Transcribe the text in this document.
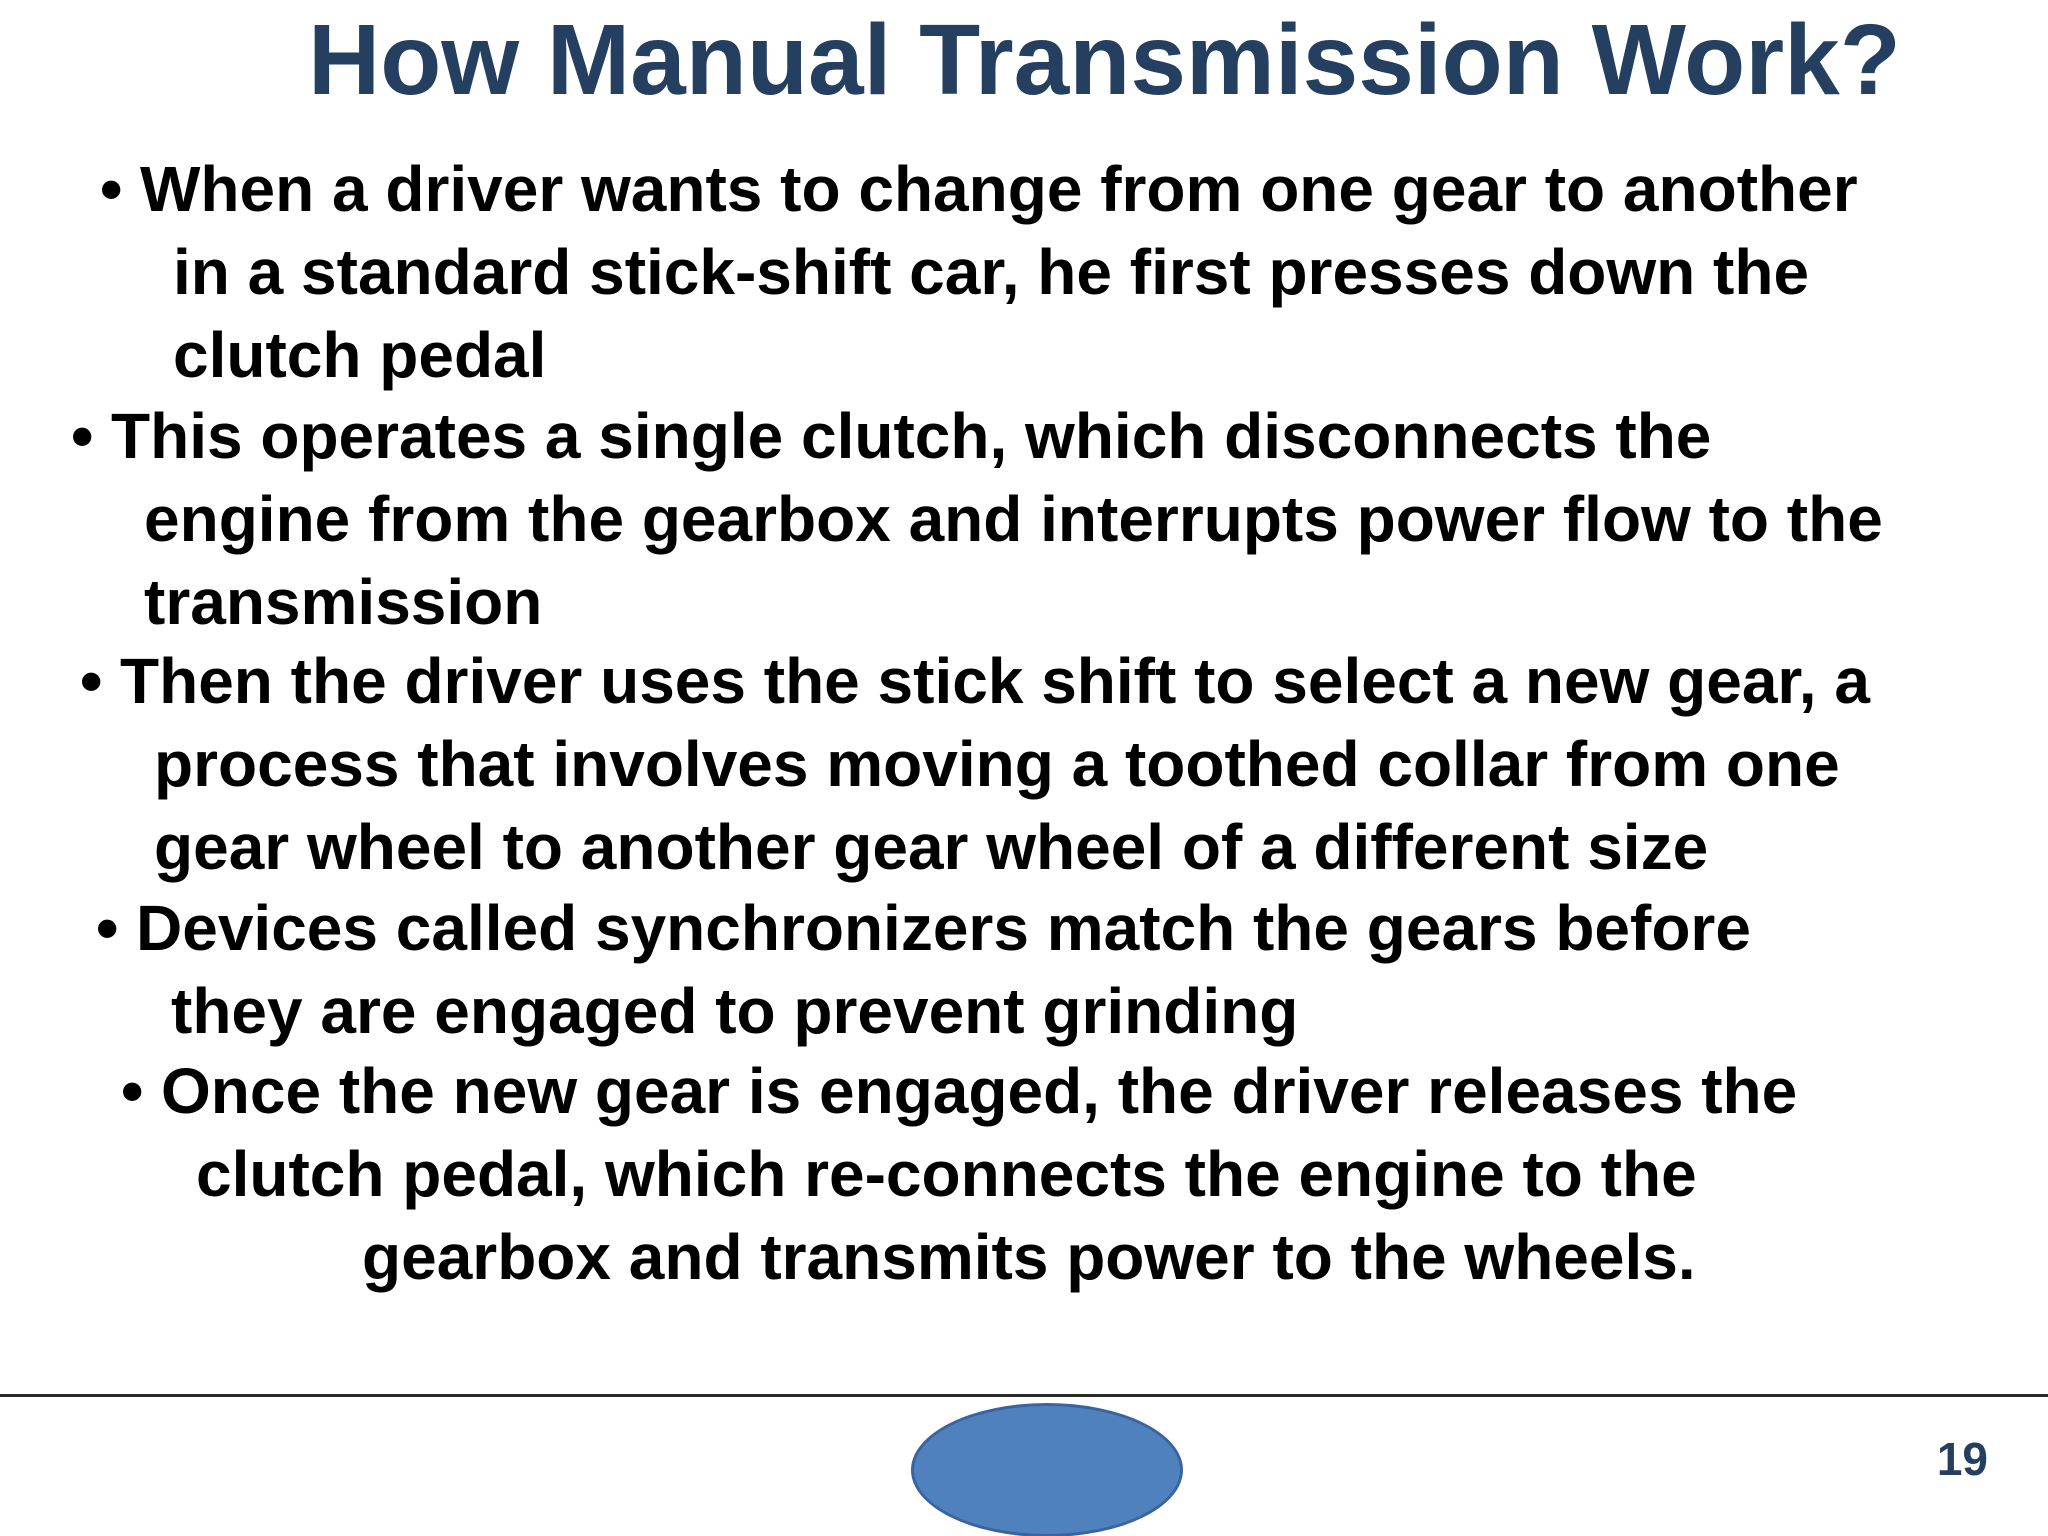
How Manual Transmission Work?
• When a driver wants to change from one gear to another
in a standard stick-shift car, he first presses down the
clutch pedal
• This operates a single clutch, which disconnects the
engine from the gearbox and interrupts power flow to the
transmission
• Then the driver uses the stick shift to select a new gear, a
process that involves moving a toothed collar from one
gear wheel to another gear wheel of a different size
• Devices called synchronizers match the gears before
they are engaged to prevent grinding
• Once the new gear is engaged, the driver releases the
clutch pedal, which re-connects the engine to the
gearbox and transmits power to the wheels.
19
